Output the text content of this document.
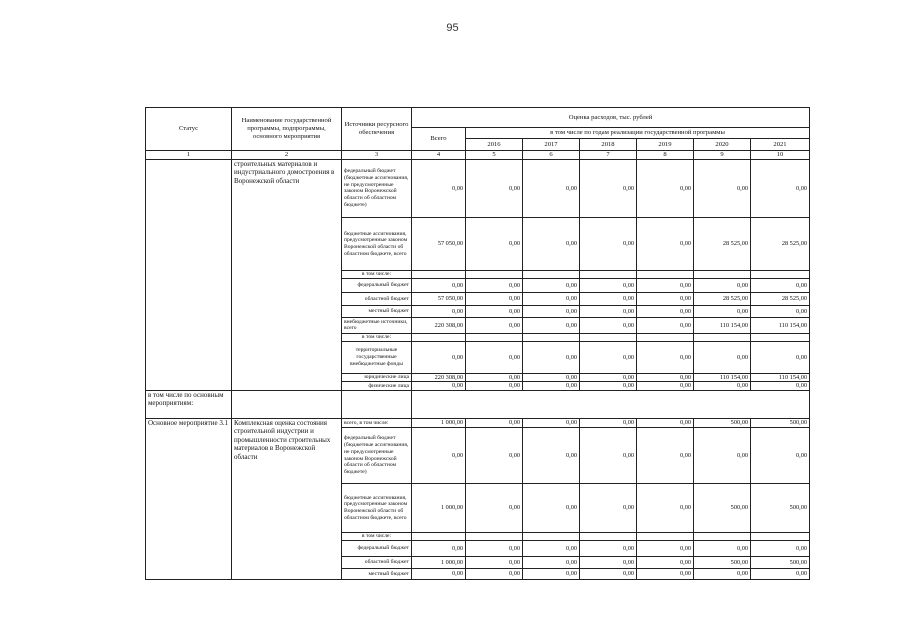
95
Статус	Наименование государственной программы, подпрограммы, основного мероприятия	Источники ресурсного обеспечения	Оценка расходов, тыс. рублей						
			Всего	в том числе по годам реализации государственной программы					
				2016	2017	2018	2019	2020	2021
1	2	3	4	5	6	7	8	9	10
	строительных материалов и индустриального домостроения в Воронежской области	федеральный бюджет (бюджетные ассигнования, не предусмотренные законом Воронежской области об областном бюджете)	0,00	0,00	0,00	0,00	0,00	0,00	0,00
		бюджетные ассигнования, предусмотренные законом Воронежской области об областном бюджете, всего	57 050,00	0,00	0,00	0,00	0,00	28 525,00	28 525,00
		в том числе:							
		федеральный бюджет	0,00	0,00	0,00	0,00	0,00	0,00	0,00
		областной бюджет	57 050,00	0,00	0,00	0,00	0,00	28 525,00	28 525,00
		местный бюджет	0,00	0,00	0,00	0,00	0,00	0,00	0,00
		внебюджетные источники, всего	220 308,00	0,00	0,00	0,00	0,00	110 154,00	110 154,00
		в том числе:							
		территориальные государственные внебюджетные фонды	0,00	0,00	0,00	0,00	0,00	0,00	0,00
		юридические лица	220 308,00	0,00	0,00	0,00	0,00	110 154,00	110 154,00
		физические лица	0,00	0,00	0,00	0,00	0,00	0,00	0,00
в том числе по основным мероприятиям:									
Основное мероприятие 3.1	Комплексная оценка состояния строительной индустрии и промышленности строительных материалов в Воронежской области	всего, в том числе:	1 000,00	0,00	0,00	0,00	0,00	500,00	500,00
		федеральный бюджет (бюджетные ассигнования, не предусмотренные законом Воронежской области об областном бюджете)	0,00	0,00	0,00	0,00	0,00	0,00	0,00
		бюджетные ассигнования, предусмотренные законом Воронежской области об областном бюджете, всего	1 000,00	0,00	0,00	0,00	0,00	500,00	500,00
		в том числе:							
		федеральный бюджет	0,00	0,00	0,00	0,00	0,00	0,00	0,00
		областной бюджет	1 000,00	0,00	0,00	0,00	0,00	500,00	500,00
		местный бюджет	0,00	0,00	0,00	0,00	0,00	0,00	0,00
